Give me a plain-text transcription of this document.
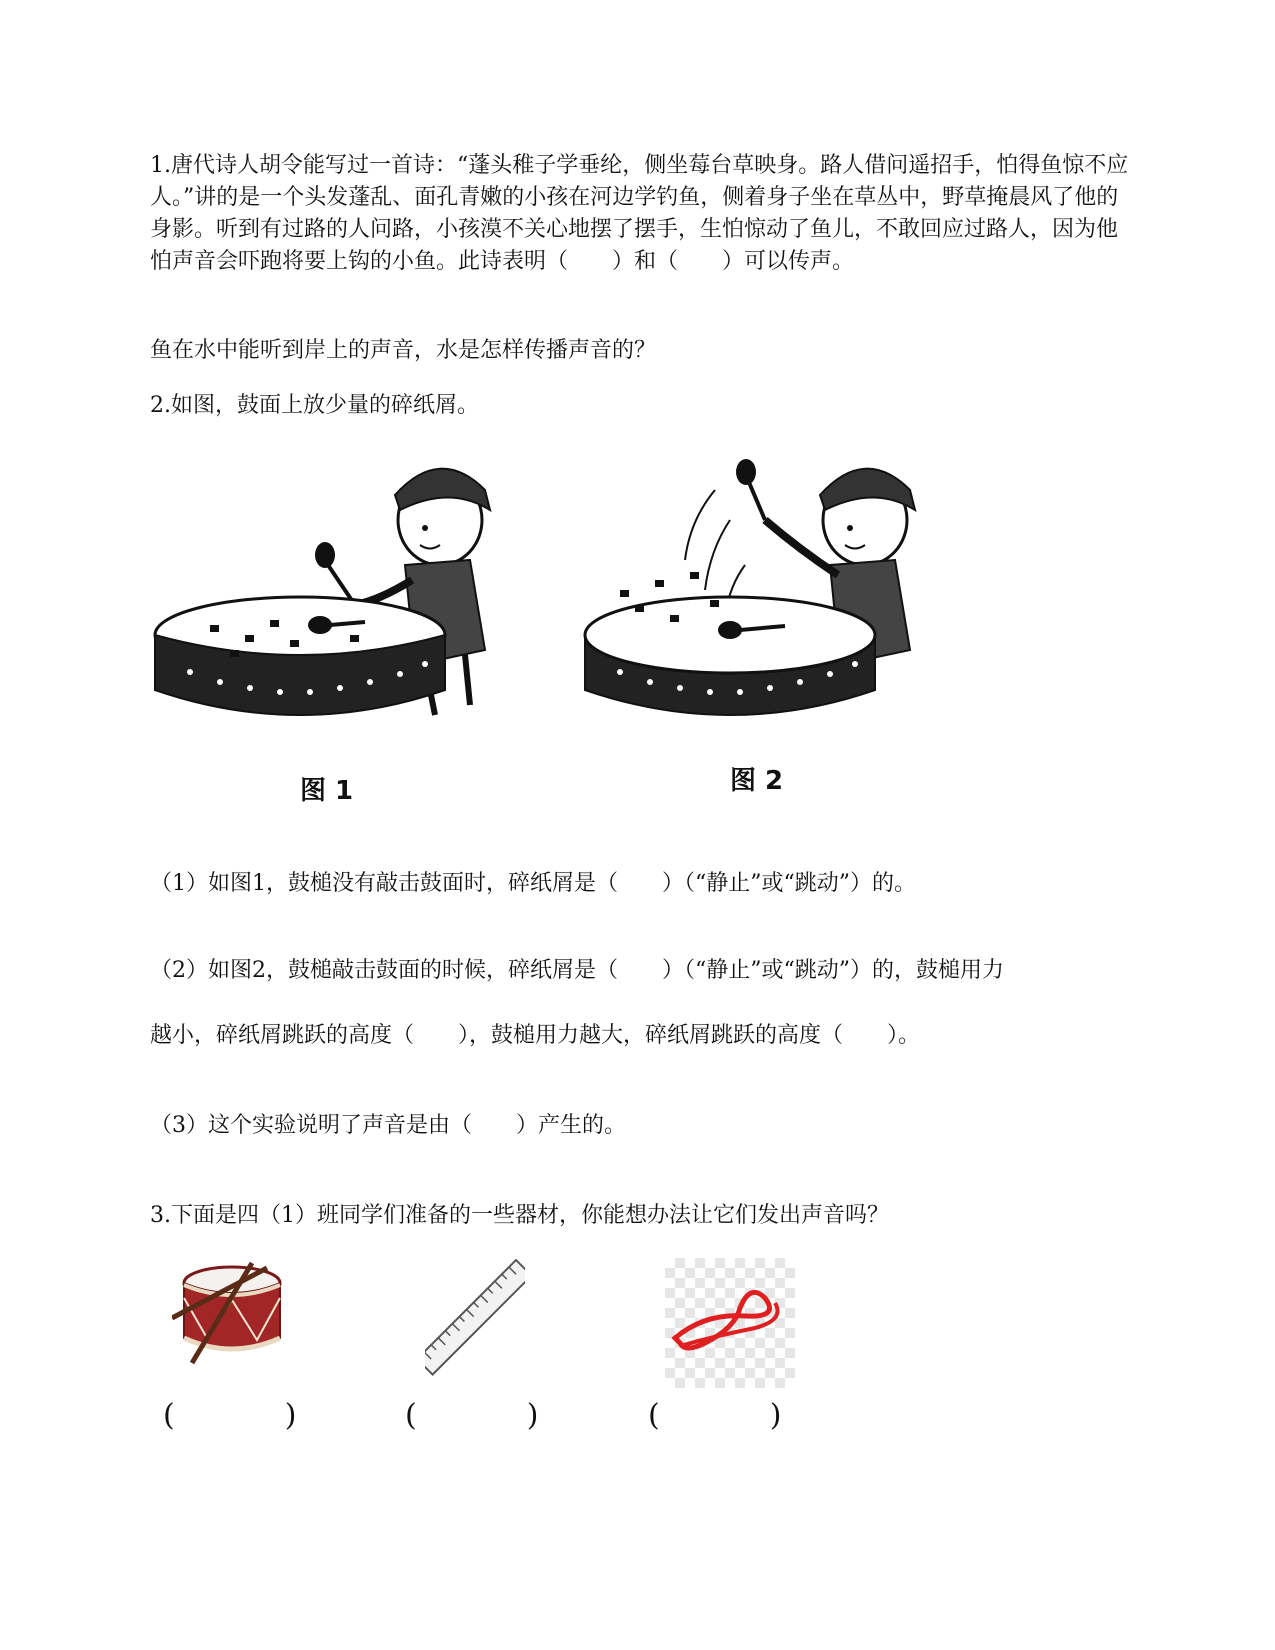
1.唐代诗人胡令能写过一首诗：“蓬头稚子学垂纶，侧坐莓台草映身。路人借问遥招手，怕得鱼惊不应人。”讲的是一个头发蓬乱、面孔青嫩的小孩在河边学钓鱼，侧着身子坐在草丛中，野草掩晨风了他的身影。听到有过路的人问路，小孩漠不关心地摆了摆手，生怕惊动了鱼儿，不敢回应过路人，因为他怕声音会吓跑将要上钩的小鱼。此诗表明（　　）和（　　）可以传声。

鱼在水中能听到岸上的声音，水是怎样传播声音的？

2.如图，鼓面上放少量的碎纸屑。

图 1	图 2

（1）如图1，鼓槌没有敲击鼓面时，碎纸屑是（　　）（“静止”或“跳动”）的。

（2）如图2，鼓槌敲击鼓面的时候，碎纸屑是（　　）（“静止”或“跳动”）的，鼓槌用力

越小，碎纸屑跳跃的高度（　　），鼓槌用力越大，碎纸屑跳跃的高度（　　）。

（3）这个实验说明了声音是由（　　）产生的。

3.下面是四（1）班同学们准备的一些器材，你能想办法让它们发出声音吗？

(	)	(	)	(	)
